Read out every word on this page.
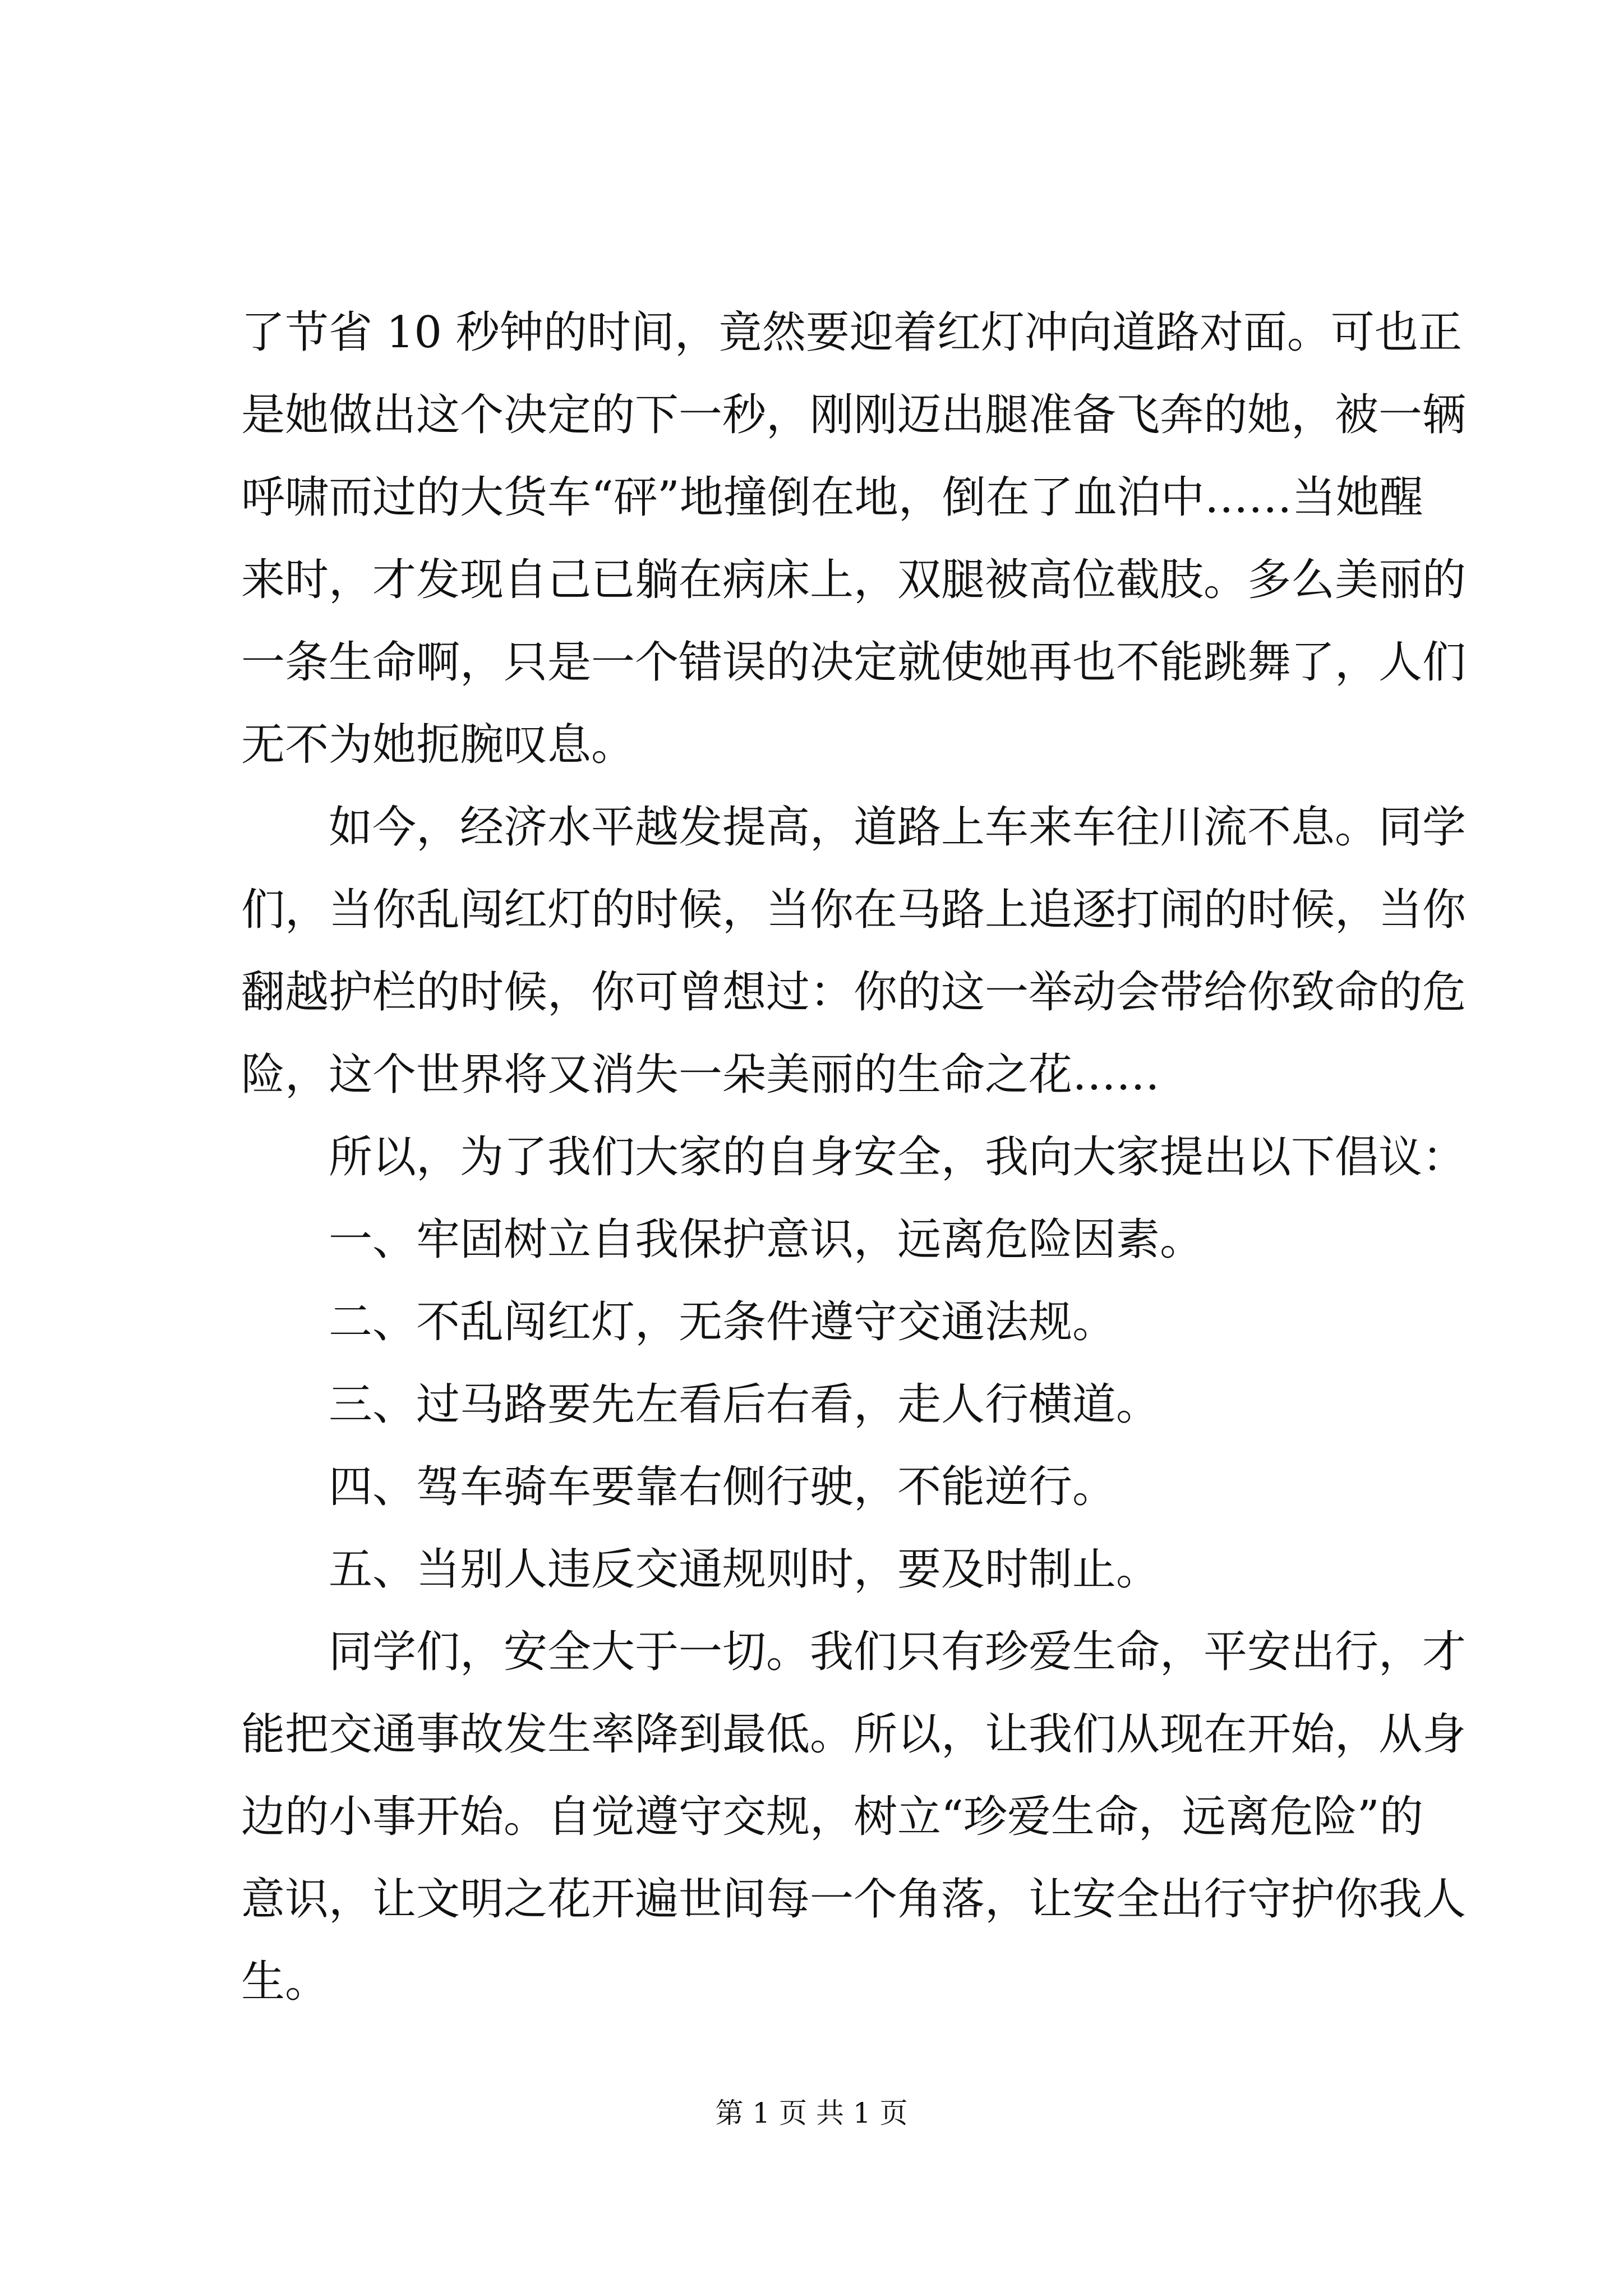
了节省 10 秒钟的时间，竟然要迎着红灯冲向道路对面。可也正
是她做出这个决定的下一秒，刚刚迈出腿准备飞奔的她，被一辆
呼啸而过的大货车“砰”地撞倒在地，倒在了血泊中……当她醒
来时，才发现自己已躺在病床上，双腿被高位截肢。多么美丽的
一条生命啊，只是一个错误的决定就使她再也不能跳舞了，人们
无不为她扼腕叹息。
如今，经济水平越发提高，道路上车来车往川流不息。同学
们，当你乱闯红灯的时候，当你在马路上追逐打闹的时候，当你
翻越护栏的时候，你可曾想过：你的这一举动会带给你致命的危
险，这个世界将又消失一朵美丽的生命之花……
所以，为了我们大家的自身安全，我向大家提出以下倡议：
一、牢固树立自我保护意识，远离危险因素。
二、不乱闯红灯，无条件遵守交通法规。
三、过马路要先左看后右看，走人行横道。
四、驾车骑车要靠右侧行驶，不能逆行。
五、当别人违反交通规则时，要及时制止。
同学们，安全大于一切。我们只有珍爱生命，平安出行，才
能把交通事故发生率降到最低。所以，让我们从现在开始，从身
边的小事开始。自觉遵守交规，树立“珍爱生命，远离危险”的
意识，让文明之花开遍世间每一个角落，让安全出行守护你我人
生。
第 1 页 共 1 页
